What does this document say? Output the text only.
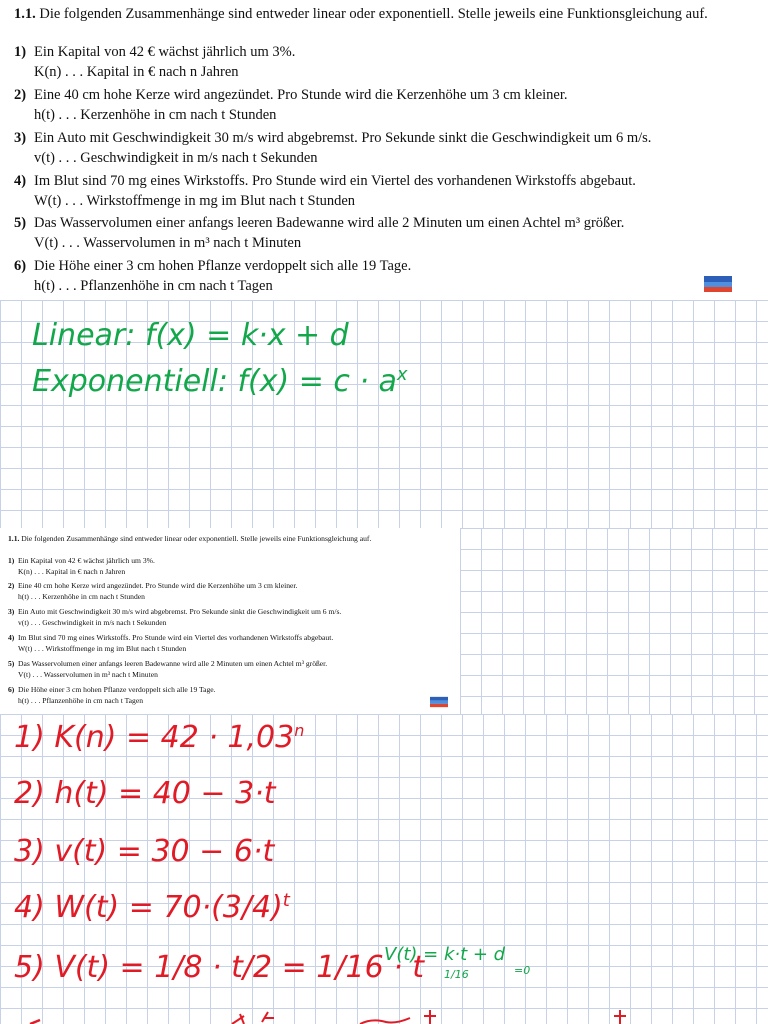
1.1. Die folgenden Zusammenhänge sind entweder linear oder exponentiell. Stelle jeweils eine Funktionsgleichung auf.
1) Ein Kapital von 42 € wächst jährlich um 3%.
K(n) . . . Kapital in € nach n Jahren
2) Eine 40 cm hohe Kerze wird angezündet. Pro Stunde wird die Kerzenhöhe um 3 cm kleiner.
h(t) . . . Kerzenhöhe in cm nach t Stunden
3) Ein Auto mit Geschwindigkeit 30 m/s wird abgebremst. Pro Sekunde sinkt die Geschwindigkeit um 6 m/s.
v(t) . . . Geschwindigkeit in m/s nach t Sekunden
4) Im Blut sind 70 mg eines Wirkstoffs. Pro Stunde wird ein Viertel des vorhandenen Wirkstoffs abgebaut.
W(t) . . . Wirkstoffmenge in mg im Blut nach t Stunden
5) Das Wasservolumen einer anfangs leeren Badewanne wird alle 2 Minuten um einen Achtel m³ größer.
V(t) . . . Wasservolumen in m³ nach t Minuten
6) Die Höhe einer 3 cm hohen Pflanze verdoppelt sich alle 19 Tage.
h(t) . . . Pflanzenhöhe in cm nach t Tagen
Linear: f(x) = k·x + d
Exponentiell: $f(x) = c \cdot a^x$
1.1. Die folgenden Zusammenhänge sind entweder linear oder exponentiell. Stelle jeweils eine Funktionsgleichung auf.
1) Ein Kapital von 42 € wächst jährlich um 3%.
K(n) . . . Kapital in € nach n Jahren
2) Eine 40 cm hohe Kerze wird angezündet. Pro Stunde wird die Kerzenhöhe um 3 cm kleiner.
h(t) . . . Kerzenhöhe in cm nach t Stunden
3) Ein Auto mit Geschwindigkeit 30 m/s wird abgebremst. Pro Sekunde sinkt die Geschwindigkeit um 6 m/s.
v(t) . . . Geschwindigkeit in m/s nach t Sekunden
4) Im Blut sind 70 mg eines Wirkstoffs. Pro Stunde wird ein Viertel des vorhandenen Wirkstoffs abgebaut.
W(t) . . . Wirkstoffmenge in mg im Blut nach t Stunden
5) Das Wasservolumen einer anfangs leeren Badewanne wird alle 2 Minuten um einen Achtel m³ größer.
V(t) . . . Wasservolumen in m³ nach t Minuten
6) Die Höhe einer 3 cm hohen Pflanze verdoppelt sich alle 19 Tage.
h(t) . . . Pflanzenhöhe in cm nach t Tagen
1) $K(n) = 42 \cdot 1,03^n$
2) h(t) = 40 − 3·t
3) v(t) = 30 − 6·t
4) $W(t) = 70\cdot(3/4)^t$
5) V(t) = 1/8 · t/2 = 1/16 · t
V(t) = k·t + d
1/16	=0
